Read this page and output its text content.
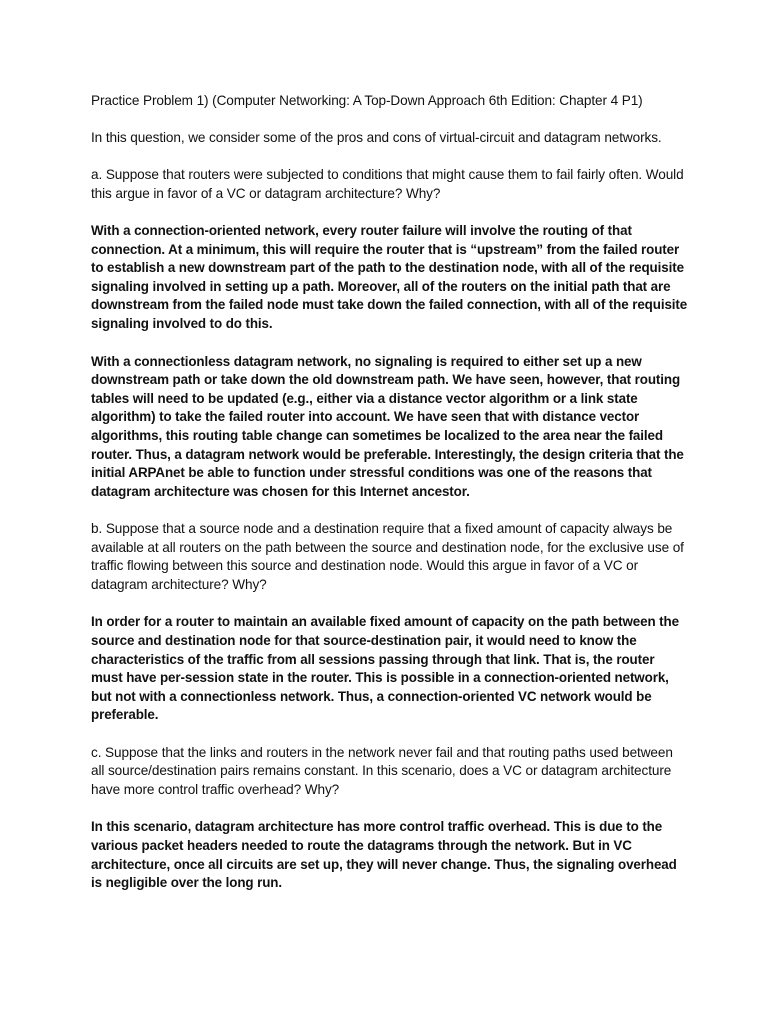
Practice Problem 1) (Computer Networking: A Top-Down Approach 6th Edition: Chapter 4 P1)

In this question, we consider some of the pros and cons of virtual-circuit and datagram networks.

a. Suppose that routers were subjected to conditions that might cause them to fail fairly often. Would this argue in favor of a VC or datagram architecture? Why?

With a connection-oriented network, every router failure will involve the routing of that connection. At a minimum, this will require the router that is “upstream” from the failed router to establish a new downstream part of the path to the destination node, with all of the requisite signaling involved in setting up a path. Moreover, all of the routers on the initial path that are downstream from the failed node must take down the failed connection, with all of the requisite signaling involved to do this.

With a connectionless datagram network, no signaling is required to either set up a new downstream path or take down the old downstream path. We have seen, however, that routing tables will need to be updated (e.g., either via a distance vector algorithm or a link state algorithm) to take the failed router into account. We have seen that with distance vector algorithms, this routing table change can sometimes be localized to the area near the failed router. Thus, a datagram network would be preferable. Interestingly, the design criteria that the initial ARPAnet be able to function under stressful conditions was one of the reasons that datagram architecture was chosen for this Internet ancestor.

b. Suppose that a source node and a destination require that a fixed amount of capacity always be available at all routers on the path between the source and destination node, for the exclusive use of traffic flowing between this source and destination node. Would this argue in favor of a VC or datagram architecture? Why?

In order for a router to maintain an available fixed amount of capacity on the path between the source and destination node for that source-destination pair, it would need to know the characteristics of the traffic from all sessions passing through that link. That is, the router must have per-session state in the router. This is possible in a connection-oriented network, but not with a connectionless network. Thus, a connection-oriented VC network would be preferable.

c. Suppose that the links and routers in the network never fail and that routing paths used between all source/destination pairs remains constant. In this scenario, does a VC or datagram architecture have more control traffic overhead? Why?

In this scenario, datagram architecture has more control traffic overhead. This is due to the various packet headers needed to route the datagrams through the network. But in VC architecture, once all circuits are set up, they will never change. Thus, the signaling overhead is negligible over the long run.
